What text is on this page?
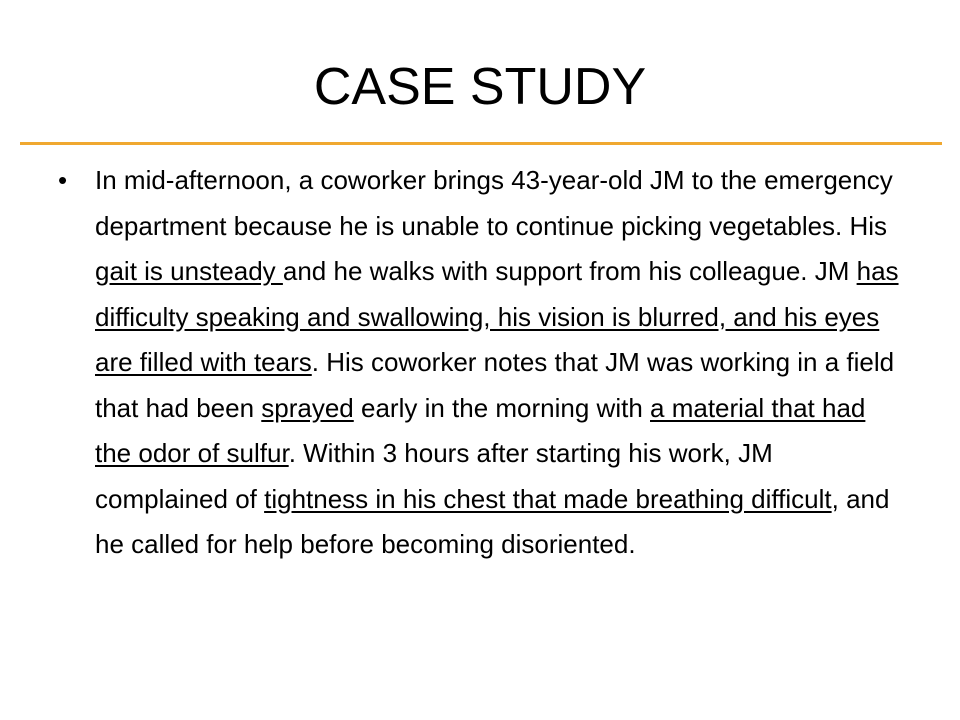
CASE STUDY
• In mid-afternoon, a coworker brings 43-year-old JM to the emergency department because he is unable to continue picking vegetables. His gait is unsteady and he walks with support from his colleague. JM has difficulty speaking and swallowing, his vision is blurred, and his eyes are filled with tears. His coworker notes that JM was working in a field that had been sprayed early in the morning with a material that had the odor of sulfur. Within 3 hours after starting his work, JM complained of tightness in his chest that made breathing difficult, and he called for help before becoming disoriented.
